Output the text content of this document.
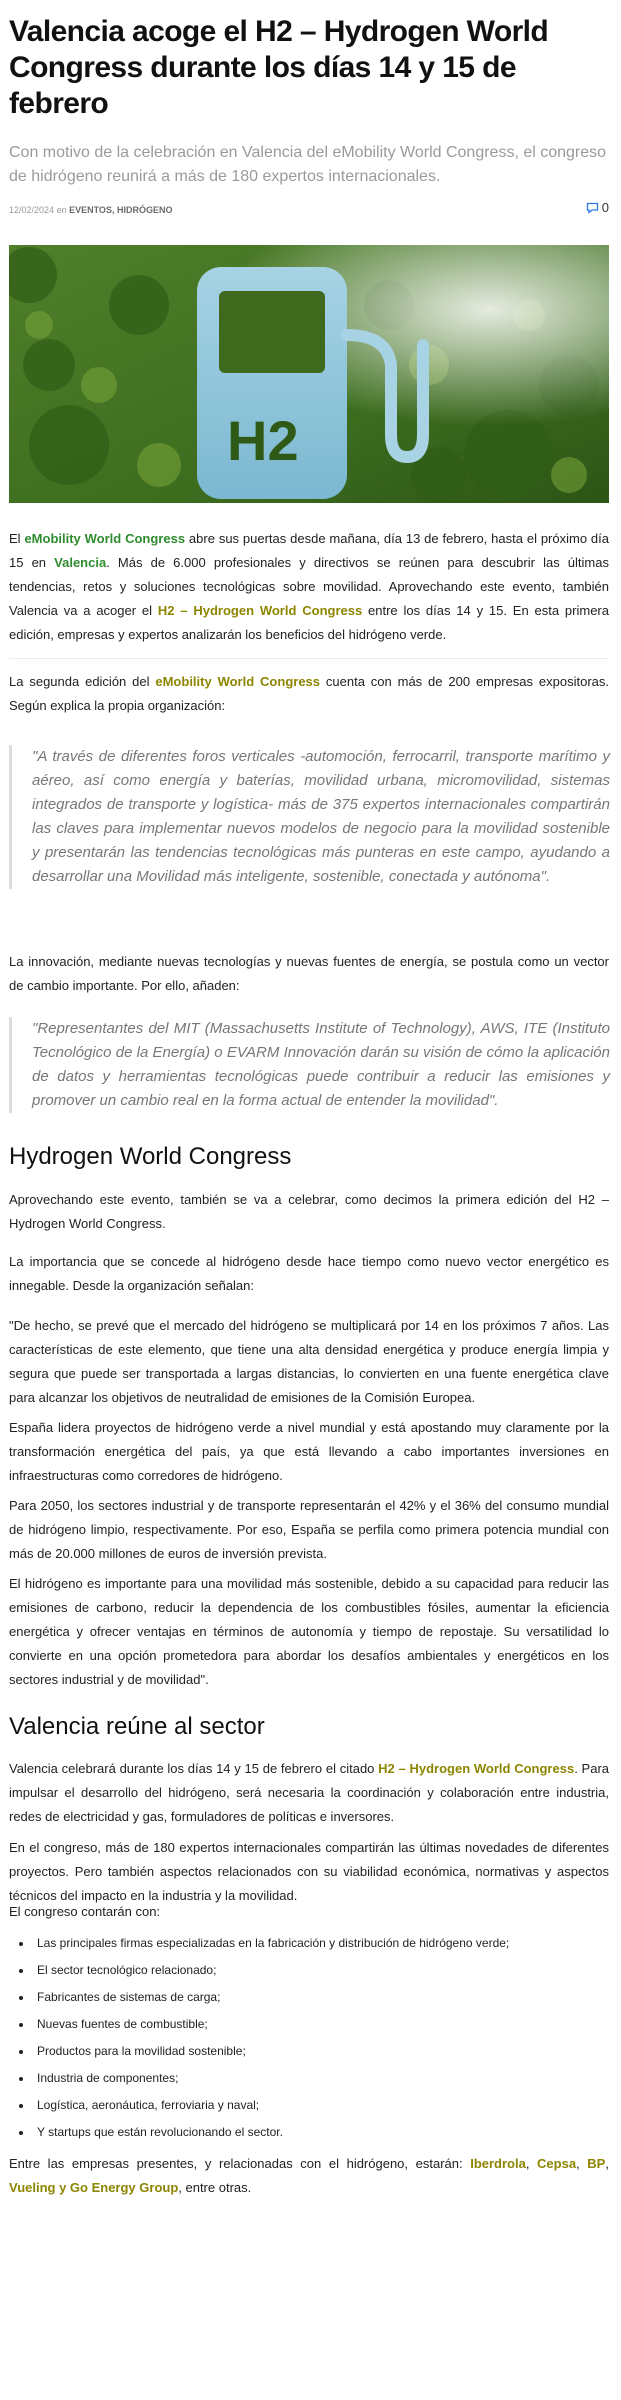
Valencia acoge el H2 – Hydrogen World Congress durante los días 14 y 15 de febrero
Con motivo de la celebración en Valencia del eMobility World Congress, el congreso de hidrógeno reunirá a más de 180 expertos internacionales.
12/02/2024 en EVENTOS, HIDRÓGENO	0
H2

El eMobility World Congress abre sus puertas desde mañana, día 13 de febrero, hasta el próximo día 15 en Valencia. Más de 6.000 profesionales y directivos se reúnen para descubrir las últimas tendencias, retos y soluciones tecnológicas sobre movilidad. Aprovechando este evento, también Valencia va a acoger el H2 – Hydrogen World Congress entre los días 14 y 15. En esta primera edición, empresas y expertos analizarán los beneficios del hidrógeno verde.

La segunda edición del eMobility World Congress cuenta con más de 200 empresas expositoras. Según explica la propia organización:

"A través de diferentes foros verticales -automoción, ferrocarril, transporte marítimo y aéreo, así como energía y baterías, movilidad urbana, micromovilidad, sistemas integrados de transporte y logística- más de 375 expertos internacionales compartirán las claves para implementar nuevos modelos de negocio para la movilidad sostenible y presentarán las tendencias tecnológicas más punteras en este campo, ayudando a desarrollar una Movilidad más inteligente, sostenible, conectada y autónoma".

La innovación, mediante nuevas tecnologías y nuevas fuentes de energía, se postula como un vector de cambio importante. Por ello, añaden:

"Representantes del MIT (Massachusetts Institute of Technology), AWS, ITE (Instituto Tecnológico de la Energía) o EVARM Innovación darán su visión de cómo la aplicación de datos y herramientas tecnológicas puede contribuir a reducir las emisiones y promover un cambio real en la forma actual de entender la movilidad".
Hydrogen World Congress

Aprovechando este evento, también se va a celebrar, como decimos la primera edición del H2 – Hydrogen World Congress.

La importancia que se concede al hidrógeno desde hace tiempo como nuevo vector energético es innegable. Desde la organización señalan:

"De hecho, se prevé que el mercado del hidrógeno se multiplicará por 14 en los próximos 7 años. Las características de este elemento, que tiene una alta densidad energética y produce energía limpia y segura que puede ser transportada a largas distancias, lo convierten en una fuente energética clave para alcanzar los objetivos de neutralidad de emisiones de la Comisión Europea.

España lidera proyectos de hidrógeno verde a nivel mundial y está apostando muy claramente por la transformación energética del país, ya que está llevando a cabo importantes inversiones en infraestructuras como corredores de hidrógeno.

Para 2050, los sectores industrial y de transporte representarán el 42% y el 36% del consumo mundial de hidrógeno limpio, respectivamente. Por eso, España se perfila como primera potencia mundial con más de 20.000 millones de euros de inversión prevista.

El hidrógeno es importante para una movilidad más sostenible, debido a su capacidad para reducir las emisiones de carbono, reducir la dependencia de los combustibles fósiles, aumentar la eficiencia energética y ofrecer ventajas en términos de autonomía y tiempo de repostaje. Su versatilidad lo convierte en una opción prometedora para abordar los desafíos ambientales y energéticos en los sectores industrial y de movilidad".

Valencia reúne al sector

Valencia celebrará durante los días 14 y 15 de febrero el citado H2 – Hydrogen World Congress. Para impulsar el desarrollo del hidrógeno, será necesaria la coordinación y colaboración entre industria, redes de electricidad y gas, formuladores de políticas e inversores.

En el congreso, más de 180 expertos internacionales compartirán las últimas novedades de diferentes proyectos. Pero también aspectos relacionados con su viabilidad económica, normativas y aspectos técnicos del impacto en la industria y la movilidad.

El congreso contarán con:

• Las principales firmas especializadas en la fabricación y distribución de hidrógeno verde;
• El sector tecnológico relacionado;
• Fabricantes de sistemas de carga;
• Nuevas fuentes de combustible;
• Productos para la movilidad sostenible;
• Industria de componentes;
• Logística, aeronáutica, ferroviaria y naval;
• Y startups que están revolucionando el sector.

Entre las empresas presentes, y relacionadas con el hidrógeno, estarán: Iberdrola, Cepsa, BP, Vueling y Go Energy Group, entre otras.
